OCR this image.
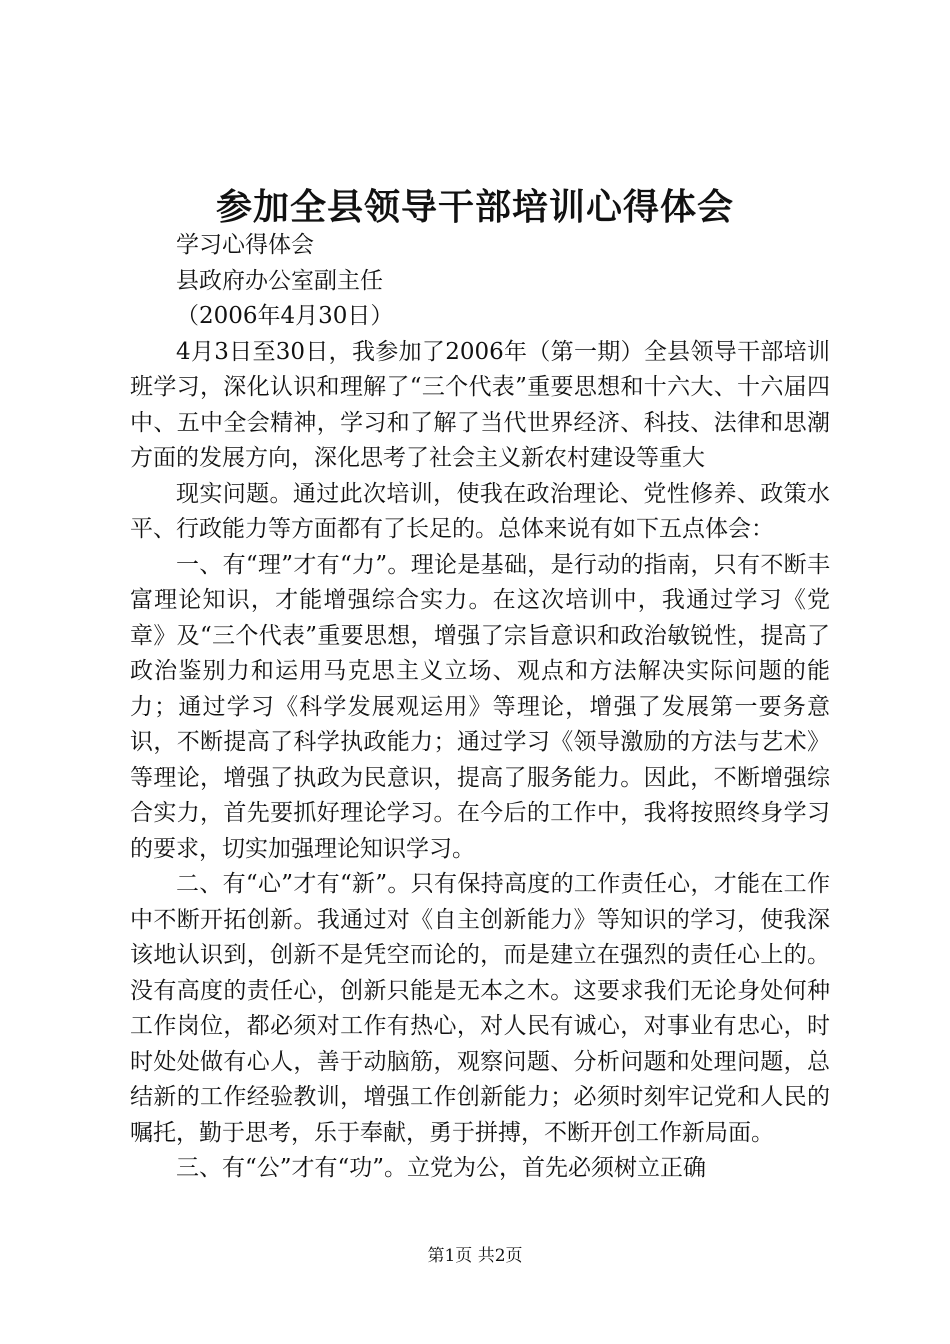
参加全县领导干部培训心得体会

学习心得体会

县政府办公室副主任

（2006年4月30日）

4月3日至30日，我参加了2006年（第一期）全县领导干部培训班学习，深化认识和理解了“三个代表”重要思想和十六大、十六届四中、五中全会精神，学习和了解了当代世界经济、科技、法律和思潮方面的发展方向，深化思考了社会主义新农村建设等重大

现实问题。通过此次培训，使我在政治理论、党性修养、政策水平、行政能力等方面都有了长足的。总体来说有如下五点体会：

一、有“理”才有“力”。理论是基础，是行动的指南，只有不断丰富理论知识，才能增强综合实力。在这次培训中，我通过学习《党章》及“三个代表”重要思想，增强了宗旨意识和政治敏锐性，提高了政治鉴别力和运用马克思主义立场、观点和方法解决实际问题的能力；通过学习《科学发展观运用》等理论，增强了发展第一要务意识，不断提高了科学执政能力；通过学习《领导激励的方法与艺术》等理论，增强了执政为民意识，提高了服务能力。因此，不断增强综合实力，首先要抓好理论学习。在今后的工作中，我将按照终身学习的要求，切实加强理论知识学习。

二、有“心”才有“新”。只有保持高度的工作责任心，才能在工作中不断开拓创新。我通过对《自主创新能力》等知识的学习，使我深该地认识到，创新不是凭空而论的，而是建立在强烈的责任心上的。没有高度的责任心，创新只能是无本之木。这要求我们无论身处何种工作岗位，都必须对工作有热心，对人民有诚心，对事业有忠心，时时处处做有心人，善于动脑筋，观察问题、分析问题和处理问题，总结新的工作经验教训，增强工作创新能力；必须时刻牢记党和人民的嘱托，勤于思考，乐于奉献，勇于拼搏，不断开创工作新局面。

三、有“公”才有“功”。立党为公，首先必须树立正确

第1页 共2页
